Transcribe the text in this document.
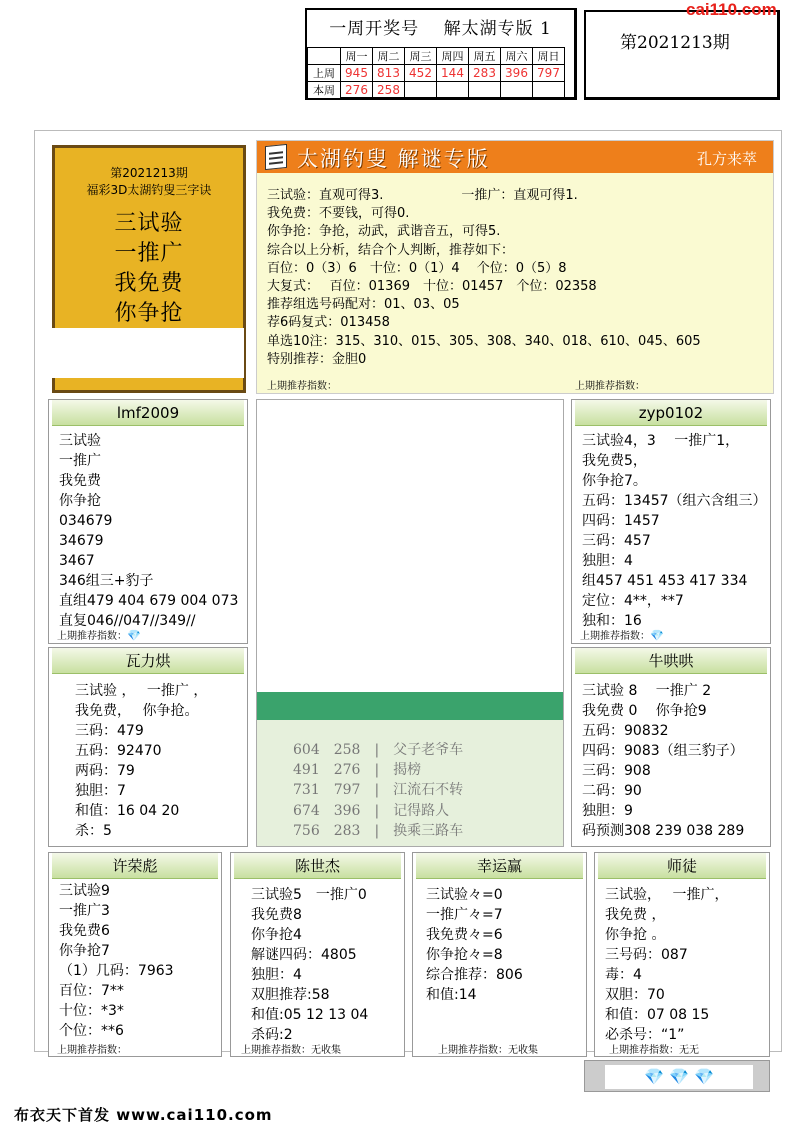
一周开奖号　 解太湖专版 1
	周一	周二	周三	周四	周五	周六	周日
上周	945	813	452	144	283	396	797
本周	276	258					
第2021213期
cai110.com
第2021213期
福彩3D太湖钓叟三字诀
三试验
一推广
我免费
你争抢
太湖钓叟 解谜专版	孔方来萃
三试验：直观可得3.　　　　　　一推广：直观可得1.
我免费：不要钱，可得0.
你争抢：争抢，动武，武谐音五，可得5.
综合以上分析，结合个人判断，推荐如下：
百位：0（3）6　十位：0（1）4　 个位：0（5）8
大复式：　 百位：01369　十位：01457　个位：02358
推荐组选号码配对：01、03、05
荐6码复式：013458
单选10注：315、310、015、305、308、340、018、610、045、605
特别推荐：金胆0
上期推荐指数：	上期推荐指数：
lmf2009
三试验
一推广
我免费
你争抢
034679
34679
3467
346组三+豹子
直组479 404 679 004 073
直复046//047//349//
上期推荐指数：💎
zyp0102
三试验4，3　 一推广1，
我免费5，
你争抢7。
五码：13457（组六含组三）
四码：1457
三码：457
独胆：4
组457 451 453 417 334
定位：4**，**7
独和：16
上期推荐指数：💎
瓦力烘
三试验 ，　 一推广 ，
我免费，　 你争抢。
三码：479
五码：92470
两码：79
独胆：7
和值：16 04 20
杀：5
牛哄哄
三试验 8　 一推广 2
我免费 0　 你争抢9
五码：90832
四码：9083（组三豹子）
三码：908
二码：90
独胆：9
码预测308 239 038 289
604　258　|　父子老爷车
491　276　|　揭榜
731　797　|　江流石不转
674　396　|　记得路人
756　283　|　换乘三路车
许荣彪
三试验9
一推广3
我免费6
你争抢7
（1）几码：7963
百位：7**
十位：*3*
个位：**6
上期推荐指数：
陈世杰
三试验5　一推广0
我免费8
你争抢4
解谜四码：4805
独胆：4
双胆推荐:58
和值:05 12 13 04
杀码:2
上期推荐指数：无收集
幸运赢
三试验々=0
一推广々=7
我免费々=6
你争抢々=8
综合推荐：806
和值:14
上期推荐指数：无收集
师徒
三试验，　 一推广，
我免费 ，
你争抢 。
三号码：087
毒：4
双胆：70
和值：07 08 15
必杀号：“1”
上期推荐指数：无无
💎 💎 💎
布衣天下首发 www.cai110.com
